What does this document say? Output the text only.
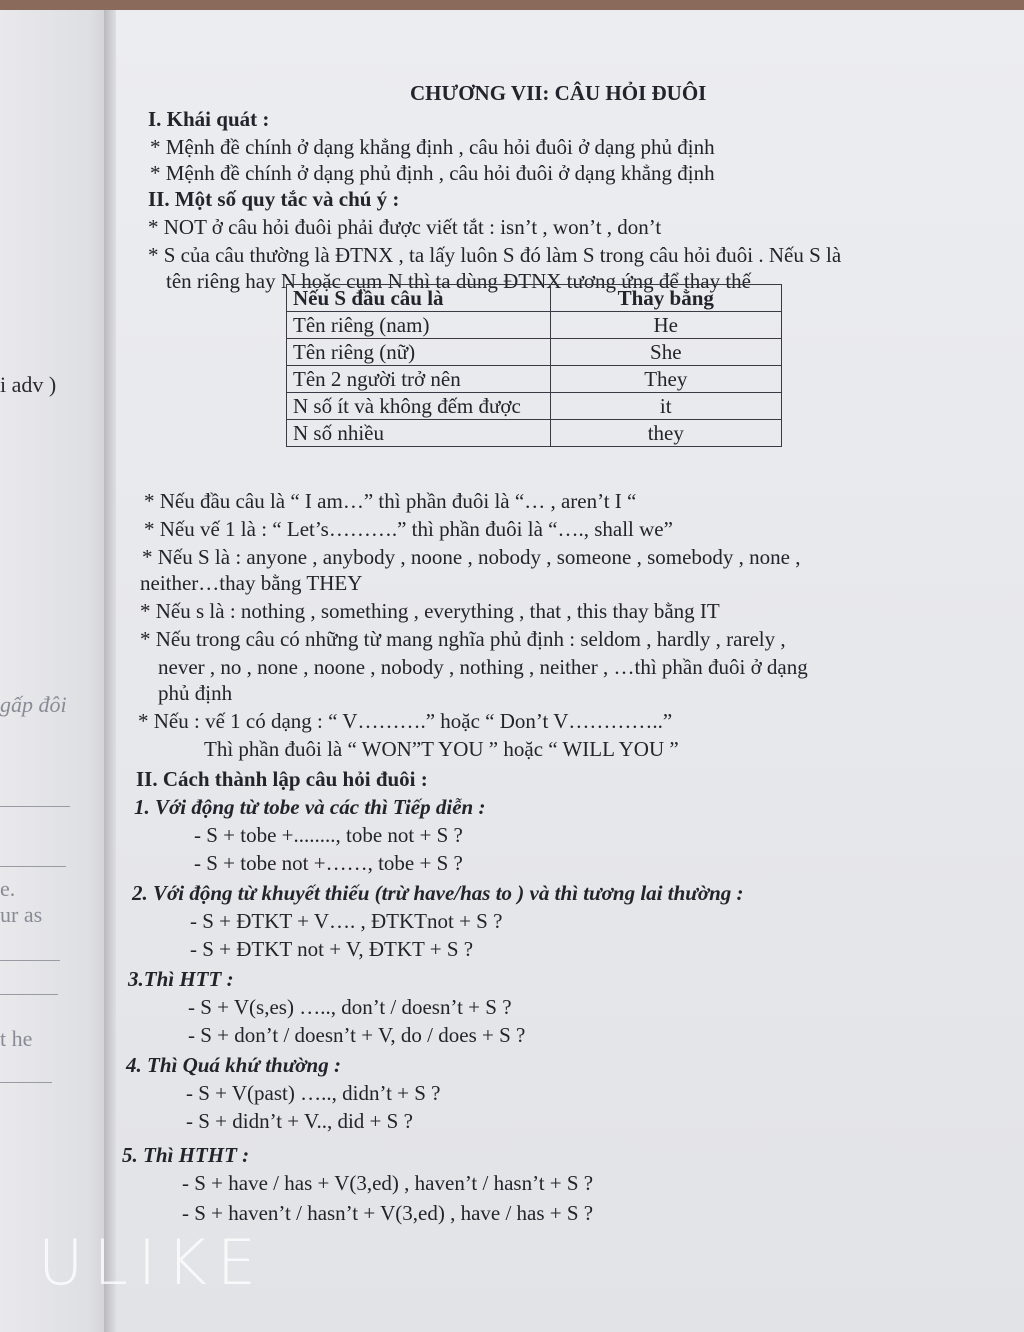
i adv )
gấp đôi
e.
ur as
t he
CHƯƠNG VII: CÂU HỎI ĐUÔI
I. Khái quát :
* Mệnh đề chính ở dạng khẳng định , câu hỏi đuôi ở dạng phủ định
* Mệnh đề chính ở dạng phủ định , câu hỏi đuôi ở dạng khẳng định
II. Một số quy tắc và chú ý :
* NOT ở câu hỏi đuôi phải được viết tắt : isn’t , won’t , don’t
* S của câu thường là ĐTNX , ta lấy luôn S đó làm S trong câu hỏi đuôi . Nếu S là
tên riêng hay N hoặc cụm N thì ta dùng ĐTNX tương ứng để thay thế
Nếu S đầu câu là	Thay bằng
Tên riêng (nam)	He
Tên riêng (nữ)	She
Tên 2 người trở nên	They
N số ít và không đếm được	it
N số nhiều	they
* Nếu đầu câu là “ I am…” thì phần đuôi là “… , aren’t I “
* Nếu vế 1 là : “ Let’s……….” thì phần đuôi là “…., shall we”
* Nếu S là : anyone , anybody , noone , nobody , someone , somebody , none ,
neither…thay bằng THEY
* Nếu s là : nothing , something , everything , that , this thay bằng IT
* Nếu trong câu có những từ mang nghĩa phủ định : seldom , hardly , rarely ,
never , no , none , noone , nobody , nothing , neither , …thì phần đuôi ở dạng
phủ định
* Nếu : vế 1 có dạng : “ V……….” hoặc “ Don’t V…………..”
Thì phần đuôi là “ WON”T YOU ” hoặc “ WILL YOU ”
II. Cách thành lập câu hỏi đuôi :
1. Với động từ tobe và các thì Tiếp diễn :
- S + tobe +........, tobe not + S ?
- S + tobe not +……, tobe + S ?
2. Với động từ khuyết thiếu (trừ have/has to ) và thì tương lai thường :
- S + ĐTKT + V…. , ĐTKTnot + S ?
- S + ĐTKT not + V, ĐTKT + S ?
3.Thì HTT :
- S + V(s,es) ….., don’t / doesn’t + S ?
- S + don’t / doesn’t + V, do / does + S ?
4. Thì Quá khứ thường :
- S + V(past) ….., didn’t + S ?
- S + didn’t + V.., did + S ?
5. Thì HTHT :
- S + have / has + V(3,ed) , haven’t / hasn’t + S ?
- S + haven’t / hasn’t + V(3,ed) , have / has + S ?
ULIKE
